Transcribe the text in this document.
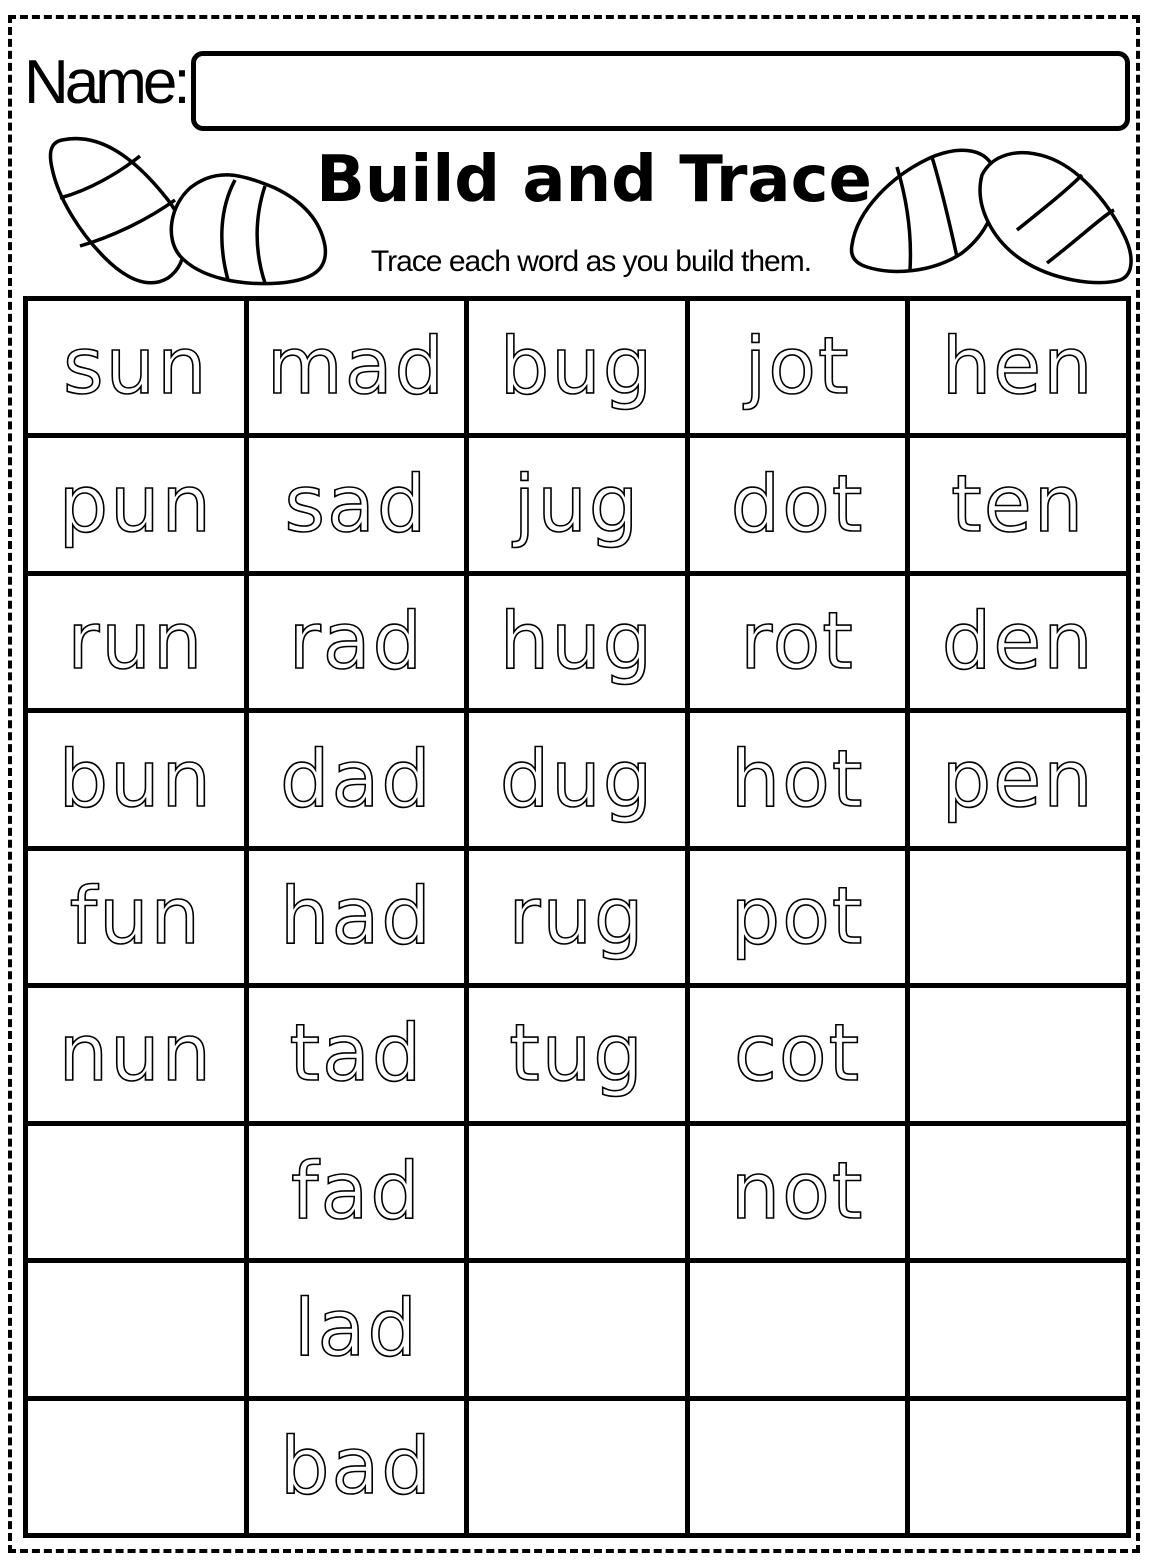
Name:
Build and Trace
Trace each word as you build them.
sun	mad	bug	jot	hen
pun	sad	jug	dot	ten
run	rad	hug	rot	den
bun	dad	dug	hot	pen
fun	had	rug	pot	
nun	tad	tug	cot	
	fad		not	
	lad			
	bad			
